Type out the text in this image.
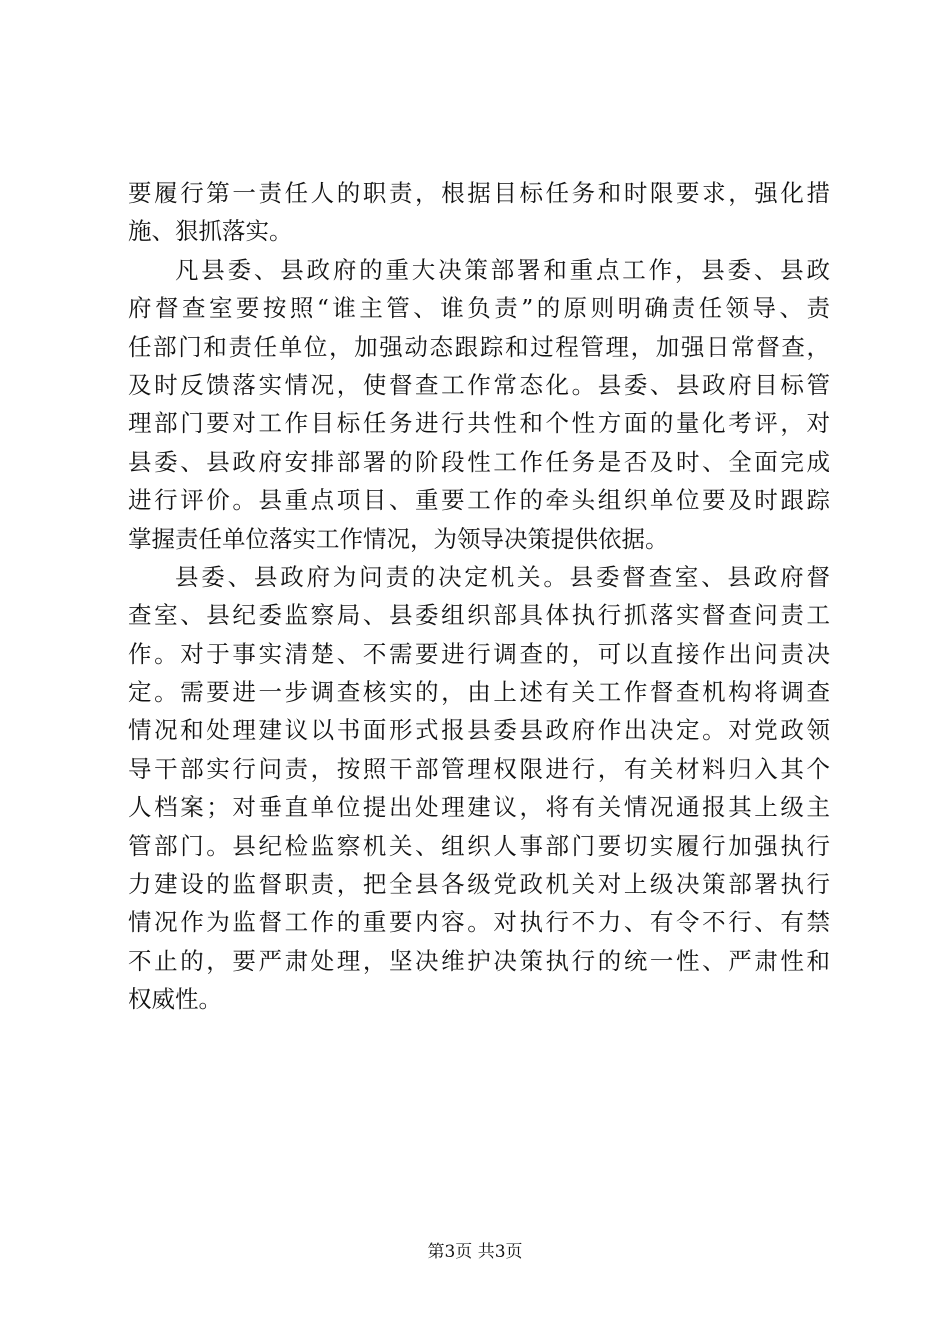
要履行第一责任人的职责，根据目标任务和时限要求，强化措
施、狠抓落实。
凡县委、县政府的重大决策部署和重点工作，县委、县政
府督查室要按照“谁主管、谁负责”的原则明确责任领导、责
任部门和责任单位，加强动态跟踪和过程管理，加强日常督查，
及时反馈落实情况，使督查工作常态化。县委、县政府目标管
理部门要对工作目标任务进行共性和个性方面的量化考评，对
县委、县政府安排部署的阶段性工作任务是否及时、全面完成
进行评价。县重点项目、重要工作的牵头组织单位要及时跟踪
掌握责任单位落实工作情况，为领导决策提供依据。
县委、县政府为问责的决定机关。县委督查室、县政府督
查室、县纪委监察局、县委组织部具体执行抓落实督查问责工
作。对于事实清楚、不需要进行调查的，可以直接作出问责决
定。需要进一步调查核实的，由上述有关工作督查机构将调查
情况和处理建议以书面形式报县委县政府作出决定。对党政领
导干部实行问责，按照干部管理权限进行，有关材料归入其个
人档案；对垂直单位提出处理建议，将有关情况通报其上级主
管部门。县纪检监察机关、组织人事部门要切实履行加强执行
力建设的监督职责，把全县各级党政机关对上级决策部署执行
情况作为监督工作的重要内容。对执行不力、有令不行、有禁
不止的，要严肃处理，坚决维护决策执行的统一性、严肃性和
权威性。
第3页 共3页
